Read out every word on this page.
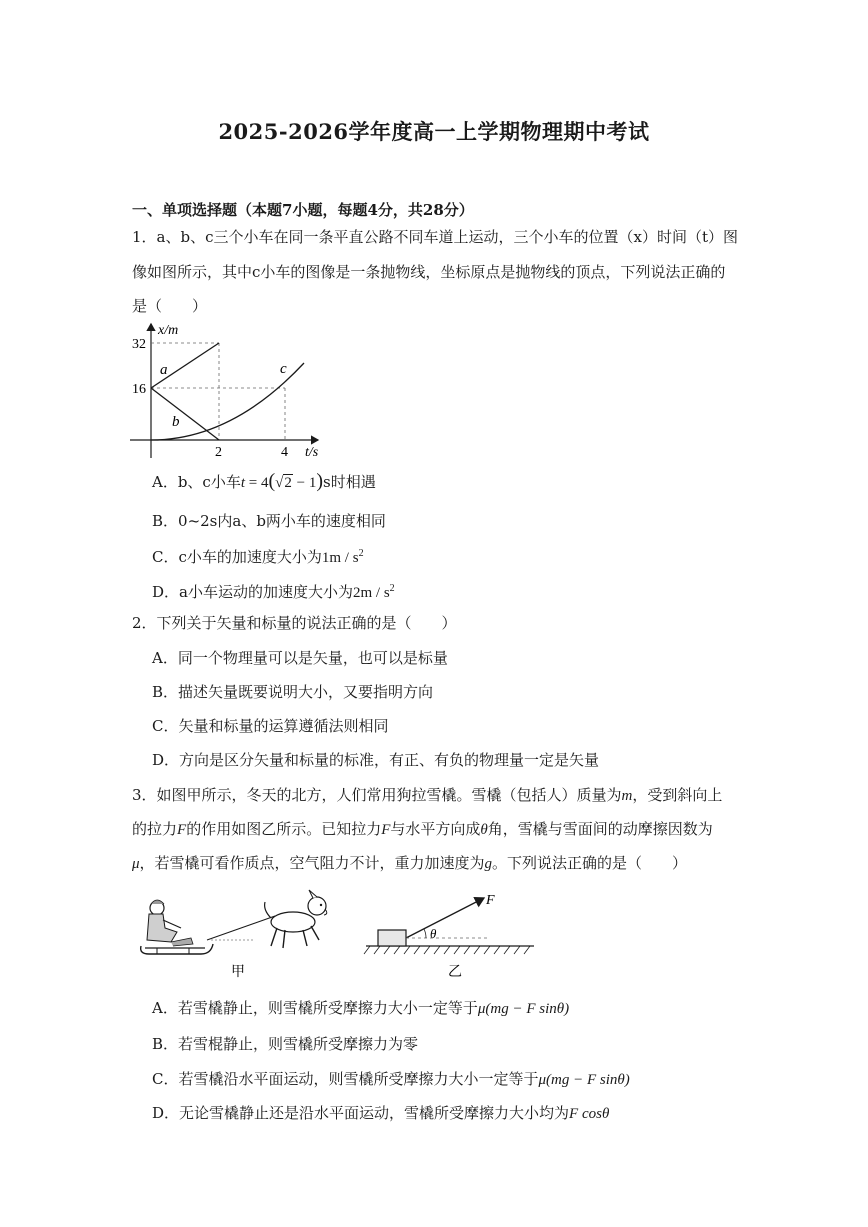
2025-2026学年度高一上学期物理期中考试
一、单项选择题（本题7小题，每题4分，共28分）
1．a、b、c三个小车在同一条平直公路不同车道上运动，三个小车的位置（x）时间（t）图
像如图所示，其中c小车的图像是一条抛物线，坐标原点是抛物线的顶点，下列说法正确的
是（　　）
x/m
32
16
2	4 t/s
a
b
c
A．b、c小车t = 4(√2 − 1)s时相遇
B．0~2s内a、b两小车的速度相同
C．c小车的加速度大小为$1m / s^2$
D．a小车运动的加速度大小为$2m / s^2$
2．下列关于矢量和标量的说法正确的是（　　）
A．同一个物理量可以是矢量，也可以是标量
B．描述矢量既要说明大小，又要指明方向
C．矢量和标量的运算遵循法则相同
D．方向是区分矢量和标量的标准，有正、有负的物理量一定是矢量
3．如图甲所示，冬天的北方，人们常用狗拉雪橇。雪橇（包括人）质量为m，受到斜向上
的拉力F的作用如图乙所示。已知拉力F与水平方向成θ角，雪橇与雪面间的动摩擦因数为
μ，若雪橇可看作质点，空气阻力不计，重力加速度为g。下列说法正确的是（　　）
甲
F
θ
乙
A．若雪橇静止，则雪橇所受摩擦力大小一定等于μ(mg − F sinθ)
B．若雪棍静止，则雪橇所受摩擦力为零
C．若雪橇沿水平面运动，则雪橇所受摩擦力大小一定等于μ(mg − F sinθ)
D．无论雪橇静止还是沿水平面运动，雪橇所受摩擦力大小均为F cosθ
